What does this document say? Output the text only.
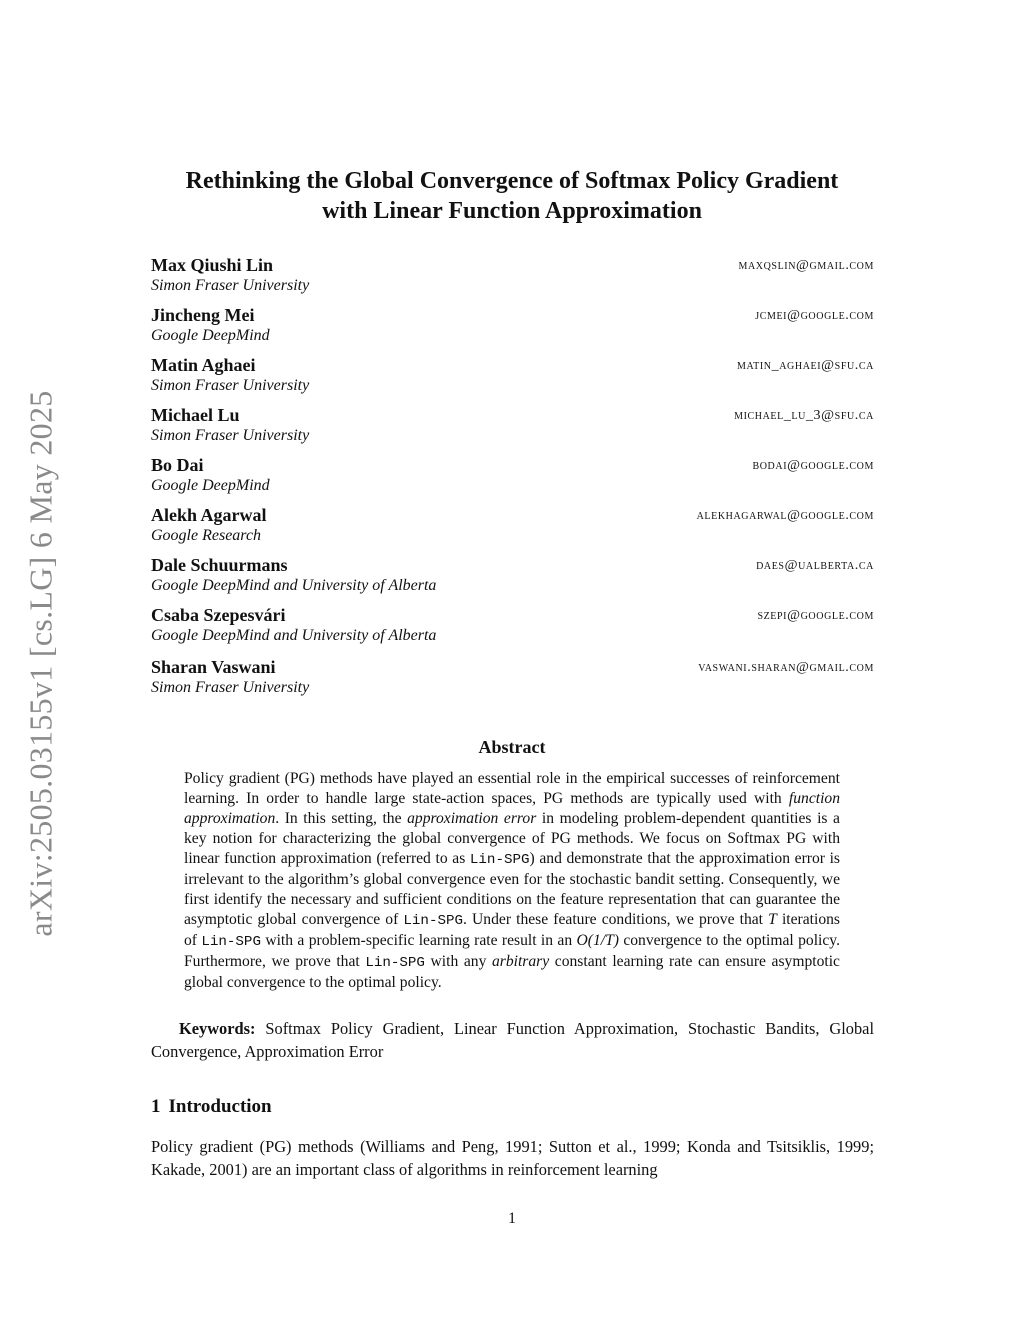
arXiv:2505.03155v1 [cs.LG] 6 May 2025
Rethinking the Global Convergence of Softmax Policy Gradient
with Linear Function Approximation
Max Qiushi Lin	maxqslin@gmail.com
Simon Fraser University
Jincheng Mei	jcmei@google.com
Google DeepMind
Matin Aghaei	matin_aghaei@sfu.ca
Simon Fraser University
Michael Lu	michael_lu_3@sfu.ca
Simon Fraser University
Bo Dai	bodai@google.com
Google DeepMind
Alekh Agarwal	alekhagarwal@google.com
Google Research
Dale Schuurmans	daes@ualberta.ca
Google DeepMind and University of Alberta
Csaba Szepesvári	szepi@google.com
Google DeepMind and University of Alberta
Sharan Vaswani	vaswani.sharan@gmail.com
Simon Fraser University
Abstract

Policy gradient (PG) methods have played an essential role in the empirical successes of reinforcement learning. In order to handle large state-action spaces, PG methods are typically used with function approximation. In this setting, the approximation error in modeling problem-dependent quantities is a key notion for characterizing the global convergence of PG methods. We focus on Softmax PG with linear function approximation (referred to as Lin-SPG) and demonstrate that the approximation error is irrelevant to the algorithm’s global convergence even for the stochastic bandit setting. Consequently, we first identify the necessary and sufficient conditions on the feature representation that can guarantee the asymptotic global convergence of Lin-SPG. Under these feature conditions, we prove that T iterations of Lin-SPG with a problem-specific learning rate result in an O(1/T) convergence to the optimal policy. Furthermore, we prove that Lin-SPG with any arbitrary constant learning rate can ensure asymptotic global convergence to the optimal policy.

Keywords: Softmax Policy Gradient, Linear Function Approximation, Stochastic Bandits, Global Convergence, Approximation Error
1 Introduction

Policy gradient (PG) methods (Williams and Peng, 1991; Sutton et al., 1999; Konda and Tsitsiklis, 1999; Kakade, 2001) are an important class of algorithms in reinforcement learning

1
